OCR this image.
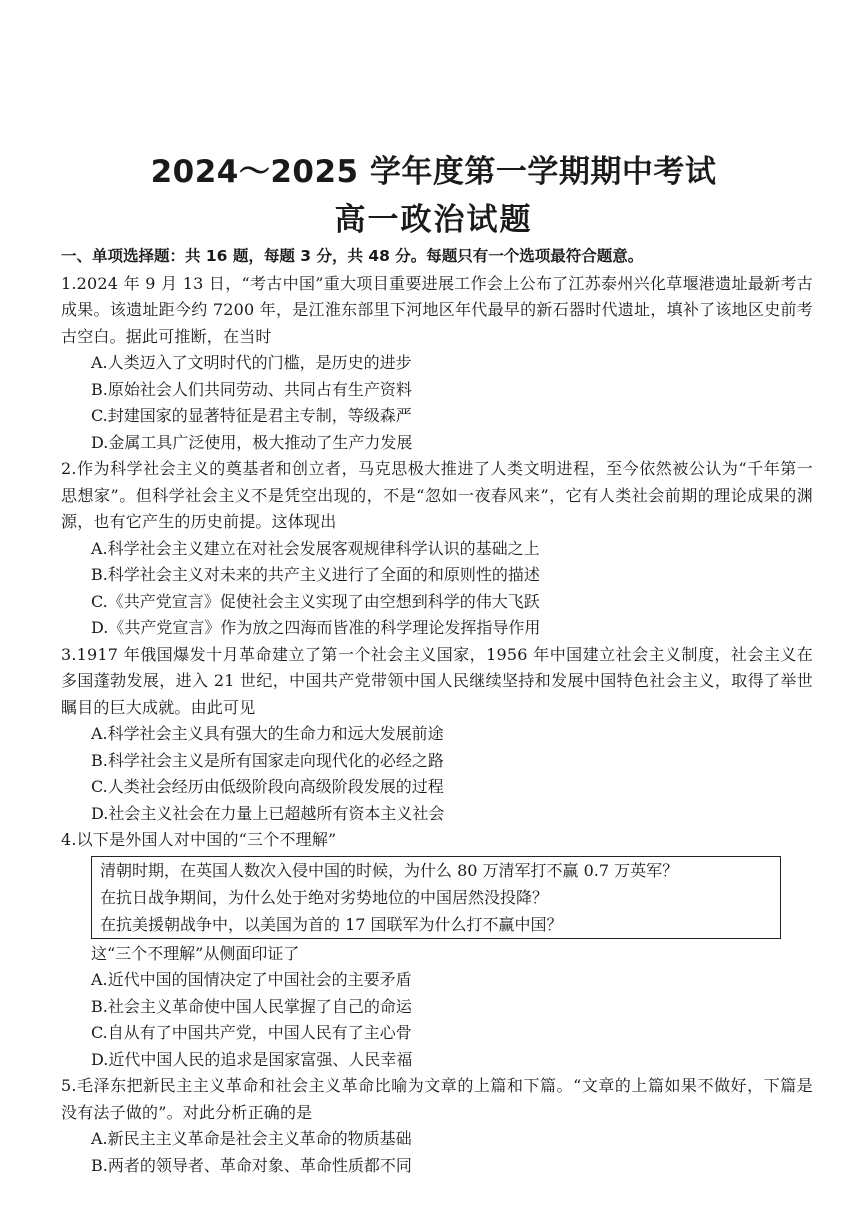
2024～2025 学年度第一学期期中考试
高一政治试题
一、单项选择题：共 16 题，每题 3 分，共 48 分。每题只有一个选项最符合题意。
1.2024 年 9 月 13 日，“考古中国”重大项目重要进展工作会上公布了江苏泰州兴化草堰港遗址最新考古成果。该遗址距今约 7200 年，是江淮东部里下河地区年代最早的新石器时代遗址，填补了该地区史前考古空白。据此可推断，在当时
A.人类迈入了文明时代的门槛，是历史的进步
B.原始社会人们共同劳动、共同占有生产资料
C.封建国家的显著特征是君主专制，等级森严
D.金属工具广泛使用，极大推动了生产力发展
2.作为科学社会主义的奠基者和创立者，马克思极大推进了人类文明进程，至今依然被公认为“千年第一思想家”。但科学社会主义不是凭空出现的，不是“忽如一夜春风来”，它有人类社会前期的理论成果的渊源，也有它产生的历史前提。这体现出
A.科学社会主义建立在对社会发展客观规律科学认识的基础之上
B.科学社会主义对未来的共产主义进行了全面的和原则性的描述
C.《共产党宣言》促使社会主义实现了由空想到科学的伟大飞跃
D.《共产党宣言》作为放之四海而皆准的科学理论发挥指导作用
3.1917 年俄国爆发十月革命建立了第一个社会主义国家，1956 年中国建立社会主义制度，社会主义在多国蓬勃发展，进入 21 世纪，中国共产党带领中国人民继续坚持和发展中国特色社会主义，取得了举世瞩目的巨大成就。由此可见
A.科学社会主义具有强大的生命力和远大发展前途
B.科学社会主义是所有国家走向现代化的必经之路
C.人类社会经历由低级阶段向高级阶段发展的过程
D.社会主义社会在力量上已超越所有资本主义社会
4.以下是外国人对中国的“三个不理解”
清朝时期，在英国人数次入侵中国的时候，为什么 80 万清军打不赢 0.7 万英军？
在抗日战争期间，为什么处于绝对劣势地位的中国居然没投降？
在抗美援朝战争中，以美国为首的 17 国联军为什么打不赢中国？
这“三个不理解”从侧面印证了
A.近代中国的国情决定了中国社会的主要矛盾
B.社会主义革命使中国人民掌握了自己的命运
C.自从有了中国共产党，中国人民有了主心骨
D.近代中国人民的追求是国家富强、人民幸福
5.毛泽东把新民主主义革命和社会主义革命比喻为文章的上篇和下篇。“文章的上篇如果不做好，下篇是没有法子做的”。对此分析正确的是
A.新民主主义革命是社会主义革命的物质基础
B.两者的领导者、革命对象、革命性质都不同
